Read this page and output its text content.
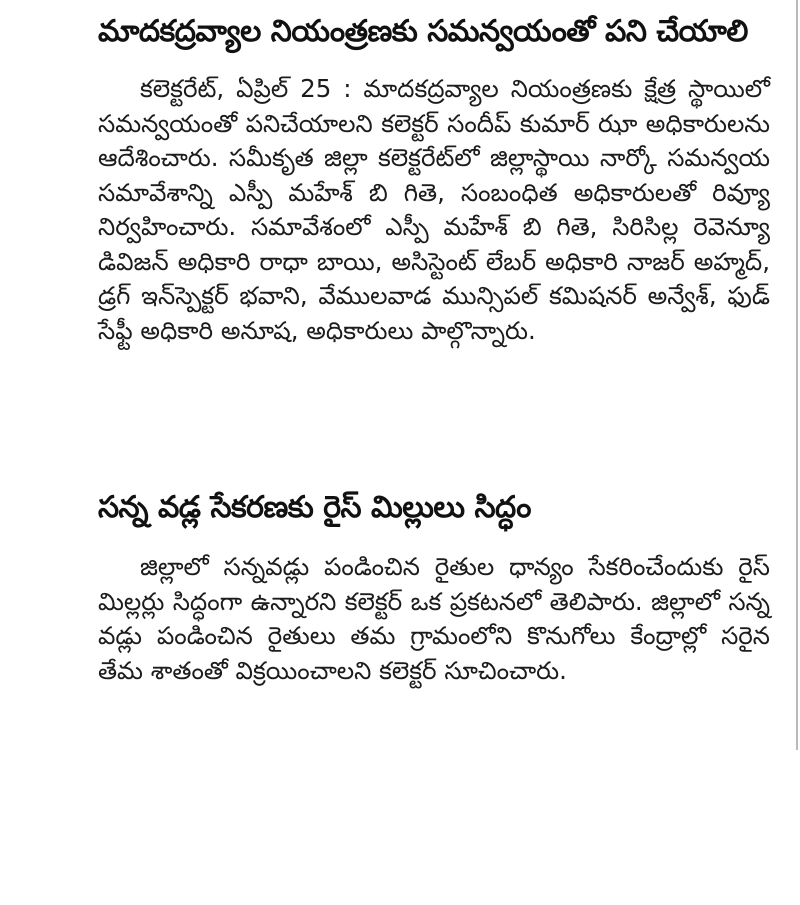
మాదకద్రవ్యాల నియంత్రణకు సమన్వయంతో పని చేయాలి

కలెక్టరేట్, ఏప్రిల్ 25 : మాదకద్రవ్యాల నియంత్రణకు క్షేత్ర స్థాయిలో సమన్వయంతో పనిచేయాలని కలెక్టర్ సందీప్ కుమార్ ఝా అధికారులను ఆదేశించారు. సమీకృత జిల్లా కలెక్టరేట్‌లో జిల్లాస్థాయి నార్కో సమన్వయ సమావేశాన్ని ఎస్పీ మహేశ్ బి గితె, సంబంధిత అధికారులతో రివ్యూ నిర్వహించారు. సమావేశంలో ఎస్పీ మహేశ్ బి గితె, సిరిసిల్ల రెవెన్యూ డివిజన్ అధికారి రాధా బాయి, అసిస్టెంట్ లేబర్ అధికారి నాజర్ అహ్మద్, డ్రగ్ ఇన్‌స్పెక్టర్ భవాని, వేములవాడ మున్సిపల్ కమిషనర్ అన్వేశ్, ఫుడ్ సేఫ్టీ అధికారి అనూష, అధికారులు పాల్గొన్నారు.

సన్న వడ్ల సేకరణకు రైస్ మిల్లులు సిద్ధం

జిల్లాలో సన్నవడ్లు పండించిన రైతుల ధాన్యం సేకరించేందుకు రైస్ మిల్లర్లు సిద్ధంగా ఉన్నారని కలెక్టర్ ఒక ప్రకటనలో తెలిపారు. జిల్లాలో సన్న వడ్లు పండించిన రైతులు తమ గ్రామంలోని కొనుగోలు కేంద్రాల్లో సరైన తేమ శాతంతో విక్రయించాలని కలెక్టర్ సూచించారు.
